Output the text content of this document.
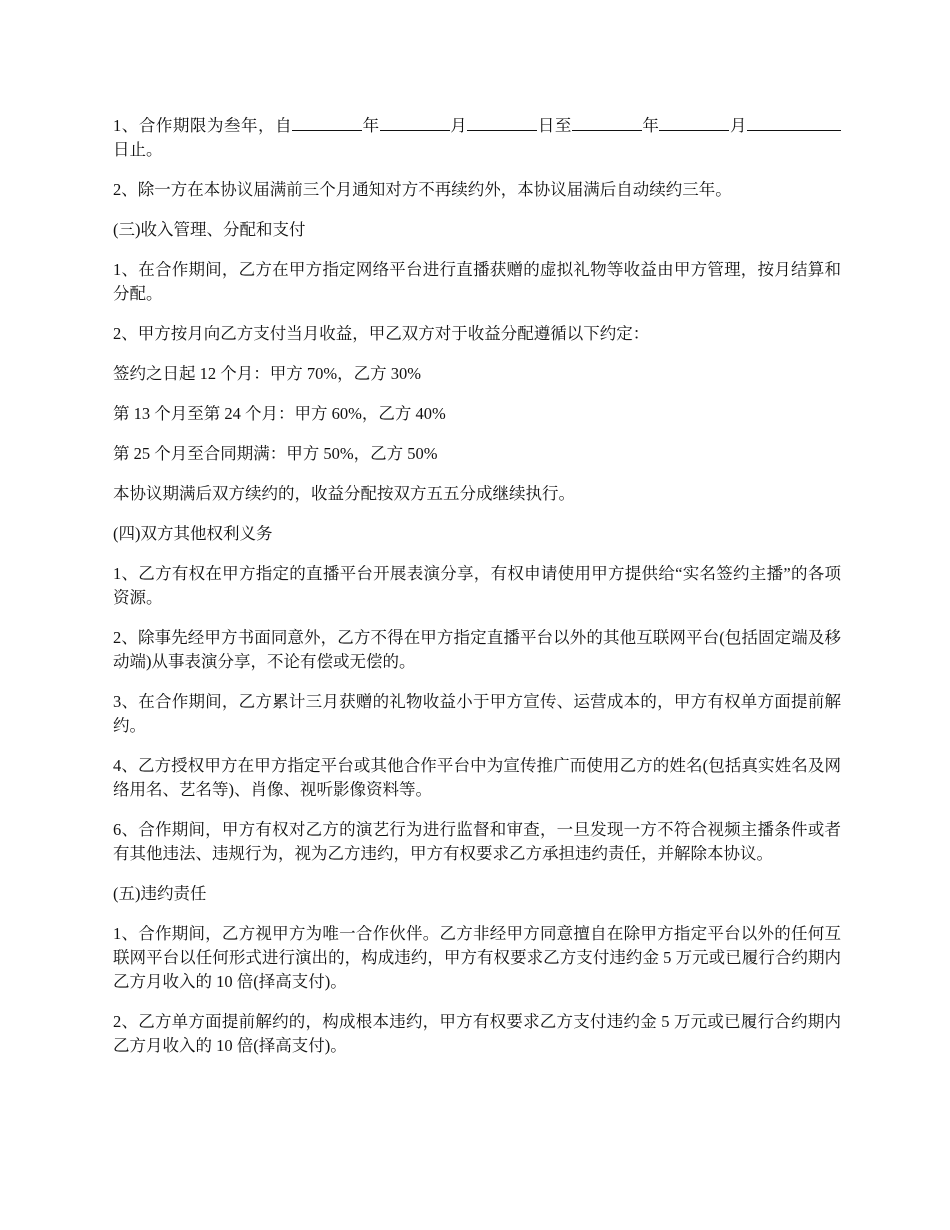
1、合作期限为叁年，自	年	月	日至	年	月日止。

2、除一方在本协议届满前三个月通知对方不再续约外，本协议届满后自动续约三年。

(三)收入管理、分配和支付

1、在合作期间，乙方在甲方指定网络平台进行直播获赠的虚拟礼物等收益由甲方管理，按月结算和分配。

2、甲方按月向乙方支付当月收益，甲乙双方对于收益分配遵循以下约定：

签约之日起 12 个月：甲方 70%，乙方 30%

第 13 个月至第 24 个月：甲方 60%，乙方 40%

第 25 个月至合同期满：甲方 50%，乙方 50%

本协议期满后双方续约的，收益分配按双方五五分成继续执行。

(四)双方其他权利义务

1、乙方有权在甲方指定的直播平台开展表演分享，有权申请使用甲方提供给“实名签约主播”的各项资源。

2、除事先经甲方书面同意外，乙方不得在甲方指定直播平台以外的其他互联网平台(包括固定端及移动端)从事表演分享，不论有偿或无偿的。

3、在合作期间，乙方累计三月获赠的礼物收益小于甲方宣传、运营成本的，甲方有权单方面提前解约。

4、乙方授权甲方在甲方指定平台或其他合作平台中为宣传推广而使用乙方的姓名(包括真实姓名及网络用名、艺名等)、肖像、视听影像资料等。

6、合作期间，甲方有权对乙方的演艺行为进行监督和审查，一旦发现一方不符合视频主播条件或者有其他违法、违规行为，视为乙方违约，甲方有权要求乙方承担违约责任，并解除本协议。

(五)违约责任

1、合作期间，乙方视甲方为唯一合作伙伴。乙方非经甲方同意擅自在除甲方指定平台以外的任何互联网平台以任何形式进行演出的，构成违约，甲方有权要求乙方支付违约金 5 万元或已履行合约期内乙方月收入的 10 倍(择高支付)。

2、乙方单方面提前解约的，构成根本违约，甲方有权要求乙方支付违约金 5 万元或已履行合约期内乙方月收入的 10 倍(择高支付)。
